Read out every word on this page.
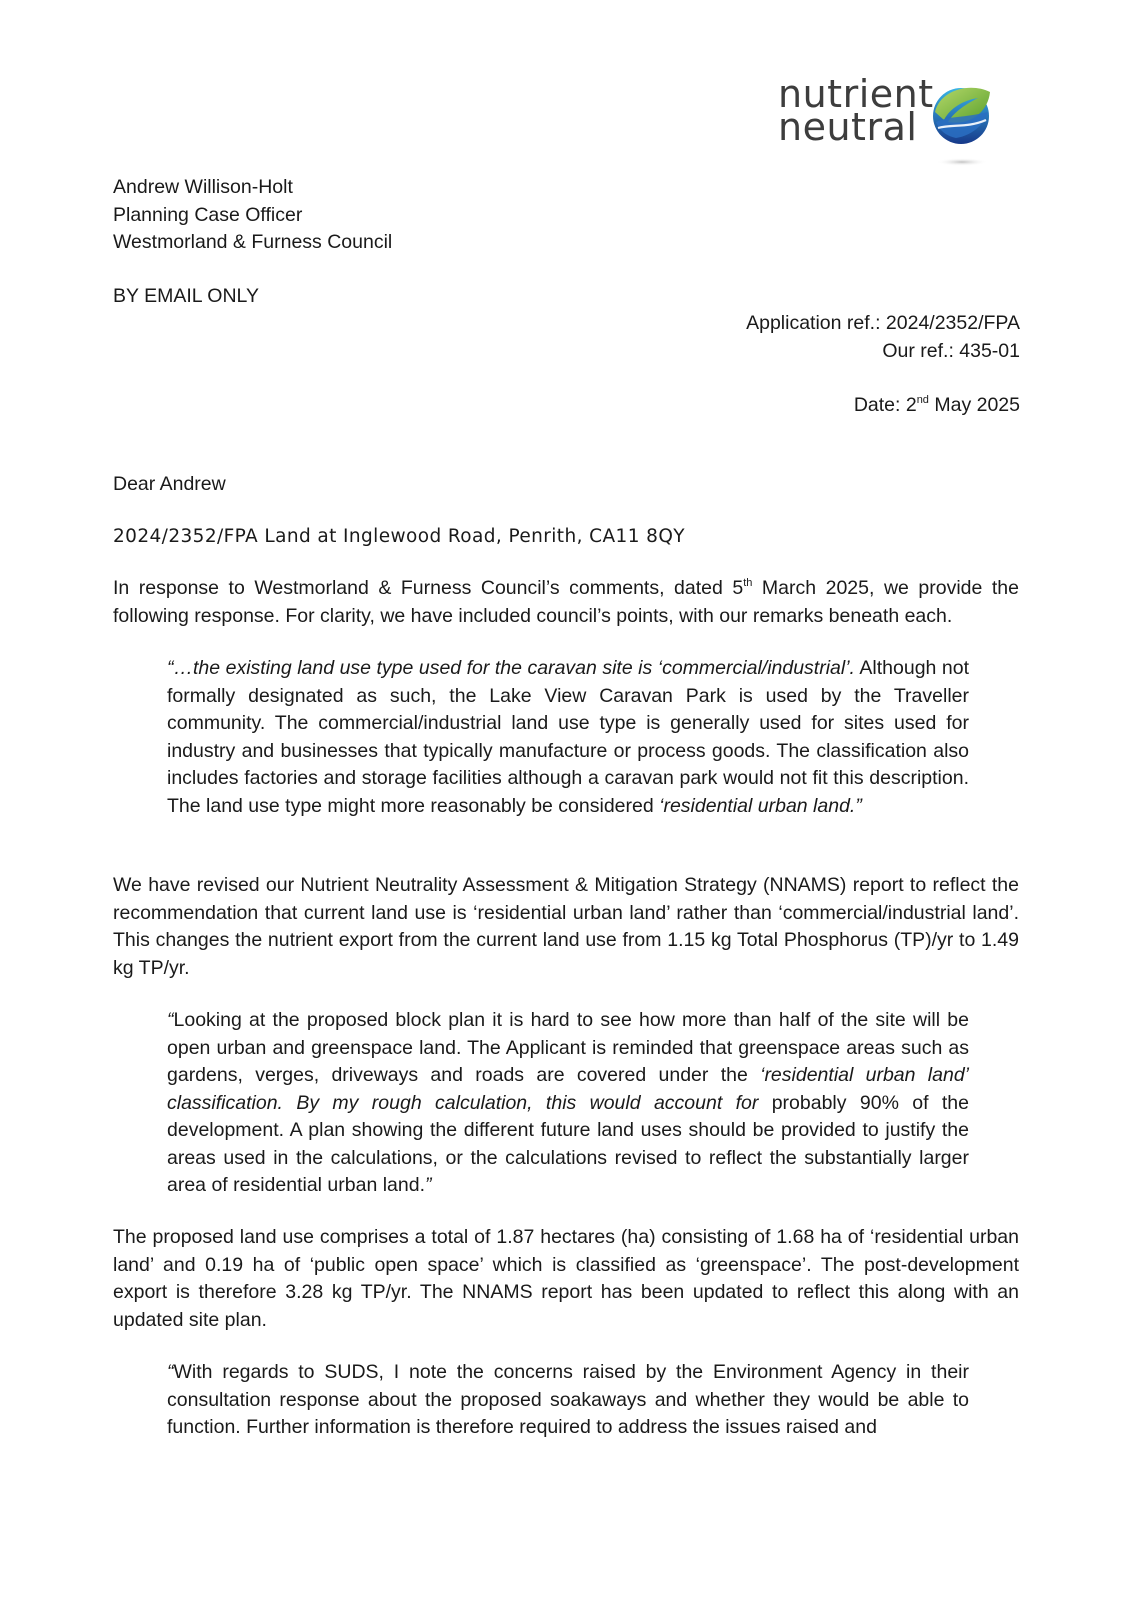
nutrient
neutral
Andrew Willison-Holt
Planning Case Officer
Westmorland & Furness Council
BY EMAIL ONLY
Application ref.: 2024/2352/FPA
Our ref.: 435-01
Date: 2nd May 2025
Dear Andrew
2024/2352/FPA Land at Inglewood Road, Penrith, CA11 8QY

In response to Westmorland & Furness Council’s comments, dated 5th March 2025, we provide the following response. For clarity, we have included council’s points, with our remarks beneath each.

“…the existing land use type used for the caravan site is ‘commercial/industrial’. Although not formally designated as such, the Lake View Caravan Park is used by the Traveller community. The commercial/industrial land use type is generally used for sites used for industry and businesses that typically manufacture or process goods. The classification also includes factories and storage facilities although a caravan park would not fit this description. The land use type might more reasonably be considered ‘residential urban land.”

We have revised our Nutrient Neutrality Assessment & Mitigation Strategy (NNAMS) report to reflect the recommendation that current land use is ‘residential urban land’ rather than ‘commercial/industrial land’. This changes the nutrient export from the current land use from 1.15 kg Total Phosphorus (TP)/yr to 1.49 kg TP/yr.

“Looking at the proposed block plan it is hard to see how more than half of the site will be open urban and greenspace land. The Applicant is reminded that greenspace areas such as gardens, verges, driveways and roads are covered under the ‘residential urban land’ classification. By my rough calculation, this would account for probably 90% of the development. A plan showing the different future land uses should be provided to justify the areas used in the calculations, or the calculations revised to reflect the substantially larger area of residential urban land.”

The proposed land use comprises a total of 1.87 hectares (ha) consisting of 1.68 ha of ‘residential urban land’ and 0.19 ha of ‘public open space’ which is classified as ‘greenspace’. The post-development export is therefore 3.28 kg TP/yr. The NNAMS report has been updated to reflect this along with an updated site plan.

“With regards to SUDS, I note the concerns raised by the Environment Agency in their consultation response about the proposed soakaways and whether they would be able to function. Further information is therefore required to address the issues raised and
